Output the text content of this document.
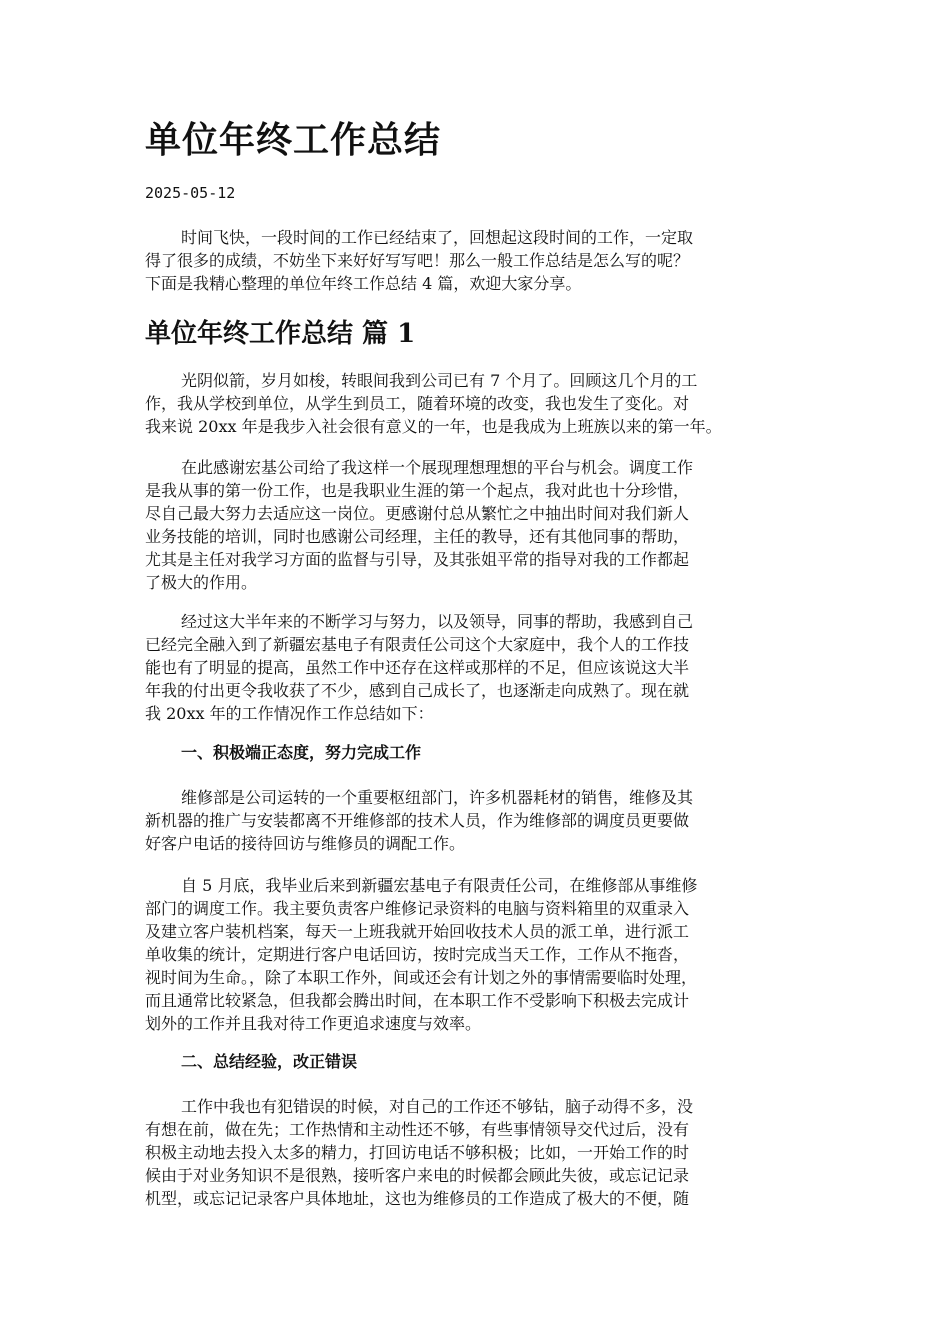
单位年终工作总结
2025-05-12
时间飞快，一段时间的工作已经结束了，回想起这段时间的工作，一定取
得了很多的成绩，不妨坐下来好好写写吧！那么一般工作总结是怎么写的呢？
下面是我精心整理的单位年终工作总结 4 篇，欢迎大家分享。
单位年终工作总结 篇 1
光阴似箭，岁月如梭，转眼间我到公司已有 7 个月了。回顾这几个月的工
作，我从学校到单位，从学生到员工，随着环境的改变，我也发生了变化。对
我来说 20xx 年是我步入社会很有意义的一年，也是我成为上班族以来的第一年。
在此感谢宏基公司给了我这样一个展现理想理想的平台与机会。调度工作
是我从事的第一份工作，也是我职业生涯的第一个起点，我对此也十分珍惜，
尽自己最大努力去适应这一岗位。更感谢付总从繁忙之中抽出时间对我们新人
业务技能的培训，同时也感谢公司经理，主任的教导，还有其他同事的帮助，
尤其是主任对我学习方面的监督与引导，及其张姐平常的指导对我的工作都起
了极大的作用。
经过这大半年来的不断学习与努力，以及领导，同事的帮助，我感到自己
已经完全融入到了新疆宏基电子有限责任公司这个大家庭中，我个人的工作技
能也有了明显的提高，虽然工作中还存在这样或那样的不足，但应该说这大半
年我的付出更令我收获了不少，感到自己成长了，也逐渐走向成熟了。现在就
我 20xx 年的工作情况作工作总结如下：
一、积极端正态度，努力完成工作
维修部是公司运转的一个重要枢纽部门，许多机器耗材的销售，维修及其
新机器的推广与安装都离不开维修部的技术人员，作为维修部的调度员更要做
好客户电话的接待回访与维修员的调配工作。
自 5 月底，我毕业后来到新疆宏基电子有限责任公司，在维修部从事维修
部门的调度工作。我主要负责客户维修记录资料的电脑与资料箱里的双重录入
及建立客户装机档案，每天一上班我就开始回收技术人员的派工单，进行派工
单收集的统计，定期进行客户电话回访，按时完成当天工作，工作从不拖沓，
视时间为生命。，除了本职工作外，间或还会有计划之外的事情需要临时处理，
而且通常比较紧急，但我都会腾出时间，在本职工作不受影响下积极去完成计
划外的工作并且我对待工作更追求速度与效率。
二、总结经验，改正错误
工作中我也有犯错误的时候，对自己的工作还不够钻，脑子动得不多，没
有想在前，做在先；工作热情和主动性还不够，有些事情领导交代过后，没有
积极主动地去投入太多的精力，打回访电话不够积极；比如，一开始工作的时
候由于对业务知识不是很熟，接听客户来电的时候都会顾此失彼，或忘记记录
机型，或忘记记录客户具体地址，这也为维修员的工作造成了极大的不便，随
